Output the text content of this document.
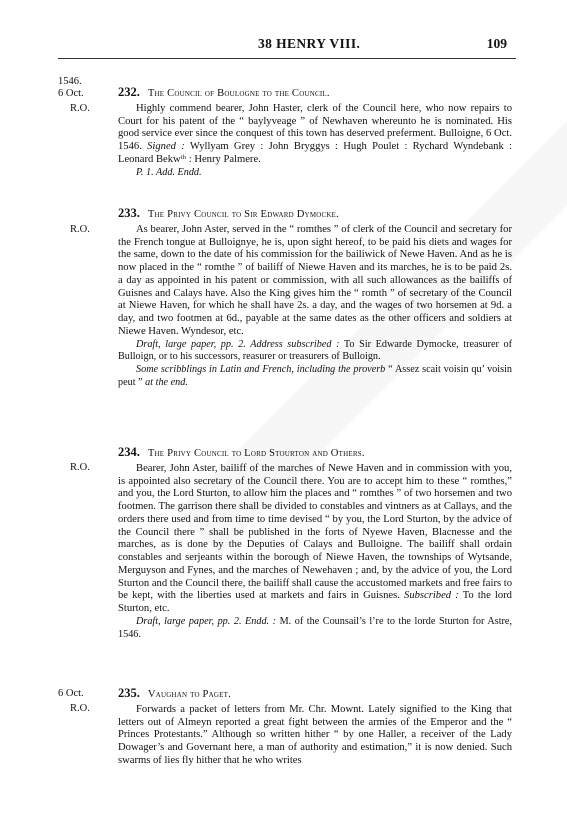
38 HENRY VIII.	109
1546.
6 Oct.
R.O.
R.O.
R.O.
6 Oct.
R.O.
232. The Council of Boulogne to the Council.

Highly commend bearer, John Haster, clerk of the Council here, who now repairs to Court for his patent of the “ baylyveage ” of Newhaven whereunto he is nominated. His good service ever since the conquest of this town has deserved preferment. Bulloigne, 6 Oct. 1546. Signed : Wyllyam Grey : John Bryggys : Hugh Poulet : Rychard Wyndebank : Leonard Bekwᵗʰ : Henry Palmere.

P. 1. Add. Endd.

233. The Privy Council to Sir Edward Dymocke.

As bearer, John Aster, served in the “ romthes ” of clerk of the Council and secretary for the French tongue at Bulloignye, he is, upon sight hereof, to be paid his diets and wages for the same, down to the date of his commission for the bailiwick of Newe Haven. And as he is now placed in the “ romthe ” of bailiff of Niewe Haven and its marches, he is to be paid 2s. a day as appointed in his patent or commission, with all such allowances as the bailiffs of Guisnes and Calays have. Also the King gives him the “ romth ” of secretary of the Council at Niewe Haven, for which he shall have 2s. a day, and the wages of two horsemen at 9d. a day, and two footmen at 6d., payable at the same dates as the other officers and soldiers at Niewe Haven. Wyndesor, etc.

Draft, large paper, pp. 2. Address subscribed : To Sir Edwarde Dymocke, treasurer of Bulloign, or to his successors, reasurer or treasurers of Bulloign.

Some scribblings in Latin and French, including the proverb “ Assez scait voisin qu’ voisin peut ” at the end.

234. The Privy Council to Lord Stourton and Others.

Bearer, John Aster, bailiff of the marches of Newe Haven and in commission with you, is appointed also secretary of the Council there. You are to accept him to these “ romthes,” and you, the Lord Sturton, to allow him the places and “ romthes ” of two horsemen and two footmen. The garrison there shall be divided to constables and vintners as at Callays, and the orders there used and from time to time devised “ by you, the Lord Sturton, by the advice of the Council there ” shall be published in the forts of Nyewe Haven, Blacnesse and the marches, as is done by the Deputies of Calays and Bulloigne. The bailiff shall ordain constables and serjeants within the borough of Niewe Haven, the townships of Wytsande, Merguyson and Fynes, and the marches of Newehaven ; and, by the advice of you, the Lord Sturton and the Council there, the bailiff shall cause the accustomed markets and free fairs to be kept, with the liberties used at markets and fairs in Guisnes. Subscribed : To the lord Sturton, etc.

Draft, large paper, pp. 2. Endd. : M. of the Counsail’s l’re to the lorde Sturton for Astre, 1546.

235. Vaughan to Paget.

Forwards a packet of letters from Mr. Chr. Mownt. Lately signified to the King that letters out of Almeyn reported a great fight between the armies of the Emperor and the “ Princes Protestants.” Although so written hither “ by one Haller, a receiver of the Lady Dowager’s and Governant here, a man of authority and estimation,” it is now denied. Such swarms of lies fly hither that he who writes
